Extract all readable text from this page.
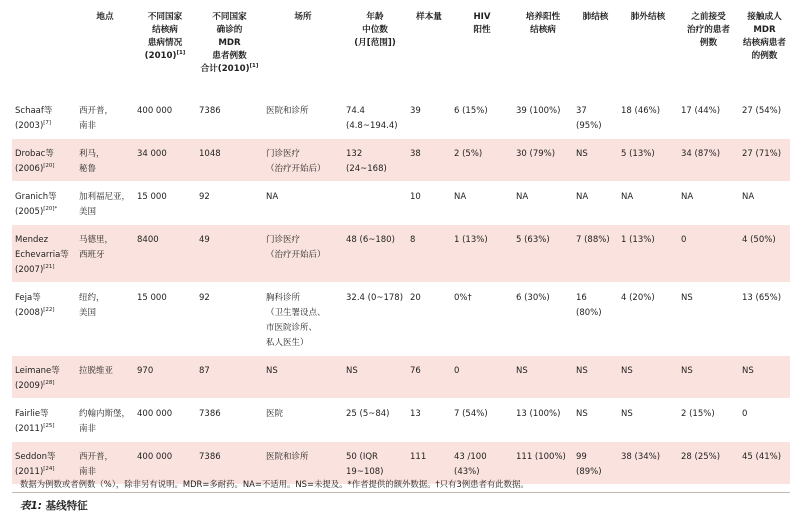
	地点	不同国家
结核病
患病情况
(2010)[1]	不同国家
确诊的
MDR
患者例数
合计(2010)[1]	场所	年龄
中位数
(月[范围])	样本量	HIV
阳性	培养阳性
结核病	肺结核	肺外结核	之前接受
治疗的患者
例数	接触成人
MDR
结核病患者
的例数
Schaaf等
(2003)[7]	西开普，
南非	400 000	7386	医院和诊所	74.4
(4.8~194.4)	39	6 (15%)	39 (100%)	37 (95%)	18 (46%)	17 (44%)	27 (54%)
Drobac等
(2006)[20]	利马，
秘鲁	34 000	1048	门诊医疗
（治疗开始后）	132 (24~168)	38	2 (5%)	30 (79%)	NS	5 (13%)	34 (87%)	27 (71%)
Granich等
$(2005)^{[20]*}$	加利福尼亚，
美国	15 000	92	NA		10	NA	NA	NA	NA	NA	NA
Mendez
Echevarria等
(2007)[21]	马德里，
西班牙	8400	49	门诊医疗
（治疗开始后）	48 (6~180)	8	1 (13%)	5 (63%)	7 (88%)	1 (13%)	0	4 (50%)
Feja等
(2008)[22]	纽约，
美国	15 000	92	胸科诊所
（卫生署设点、
市医院诊所、
私人医生）	32.4 (0~178)	20	0%†	6 (30%)	16 (80%)	4 (20%)	NS	13 (65%)
Leimane等
(2009)[28]	拉脱维亚	970	87	NS	NS	76	0	NS	NS	NS	NS	NS
Fairlie等
(2011)[25]	约翰内斯堡，
南非	400 000	7386	医院	25 (5~84)	13	7 (54%)	13 (100%)	NS	NS	2 (15%)	0
Seddon等
(2011)[24]	西开普，
南非	400 000	7386	医院和诊所	50 (IQR
19~108)	111	43 /100
(43%)	111 (100%)	99 (89%)	38 (34%)	28 (25%)	45 (41%)
数据为例数或者例数（%），除非另有说明。MDR=多耐药。NA=不适用。NS=未提及。*作者提供的额外数据。†只有3例患者有此数据。
表1: 基线特征
